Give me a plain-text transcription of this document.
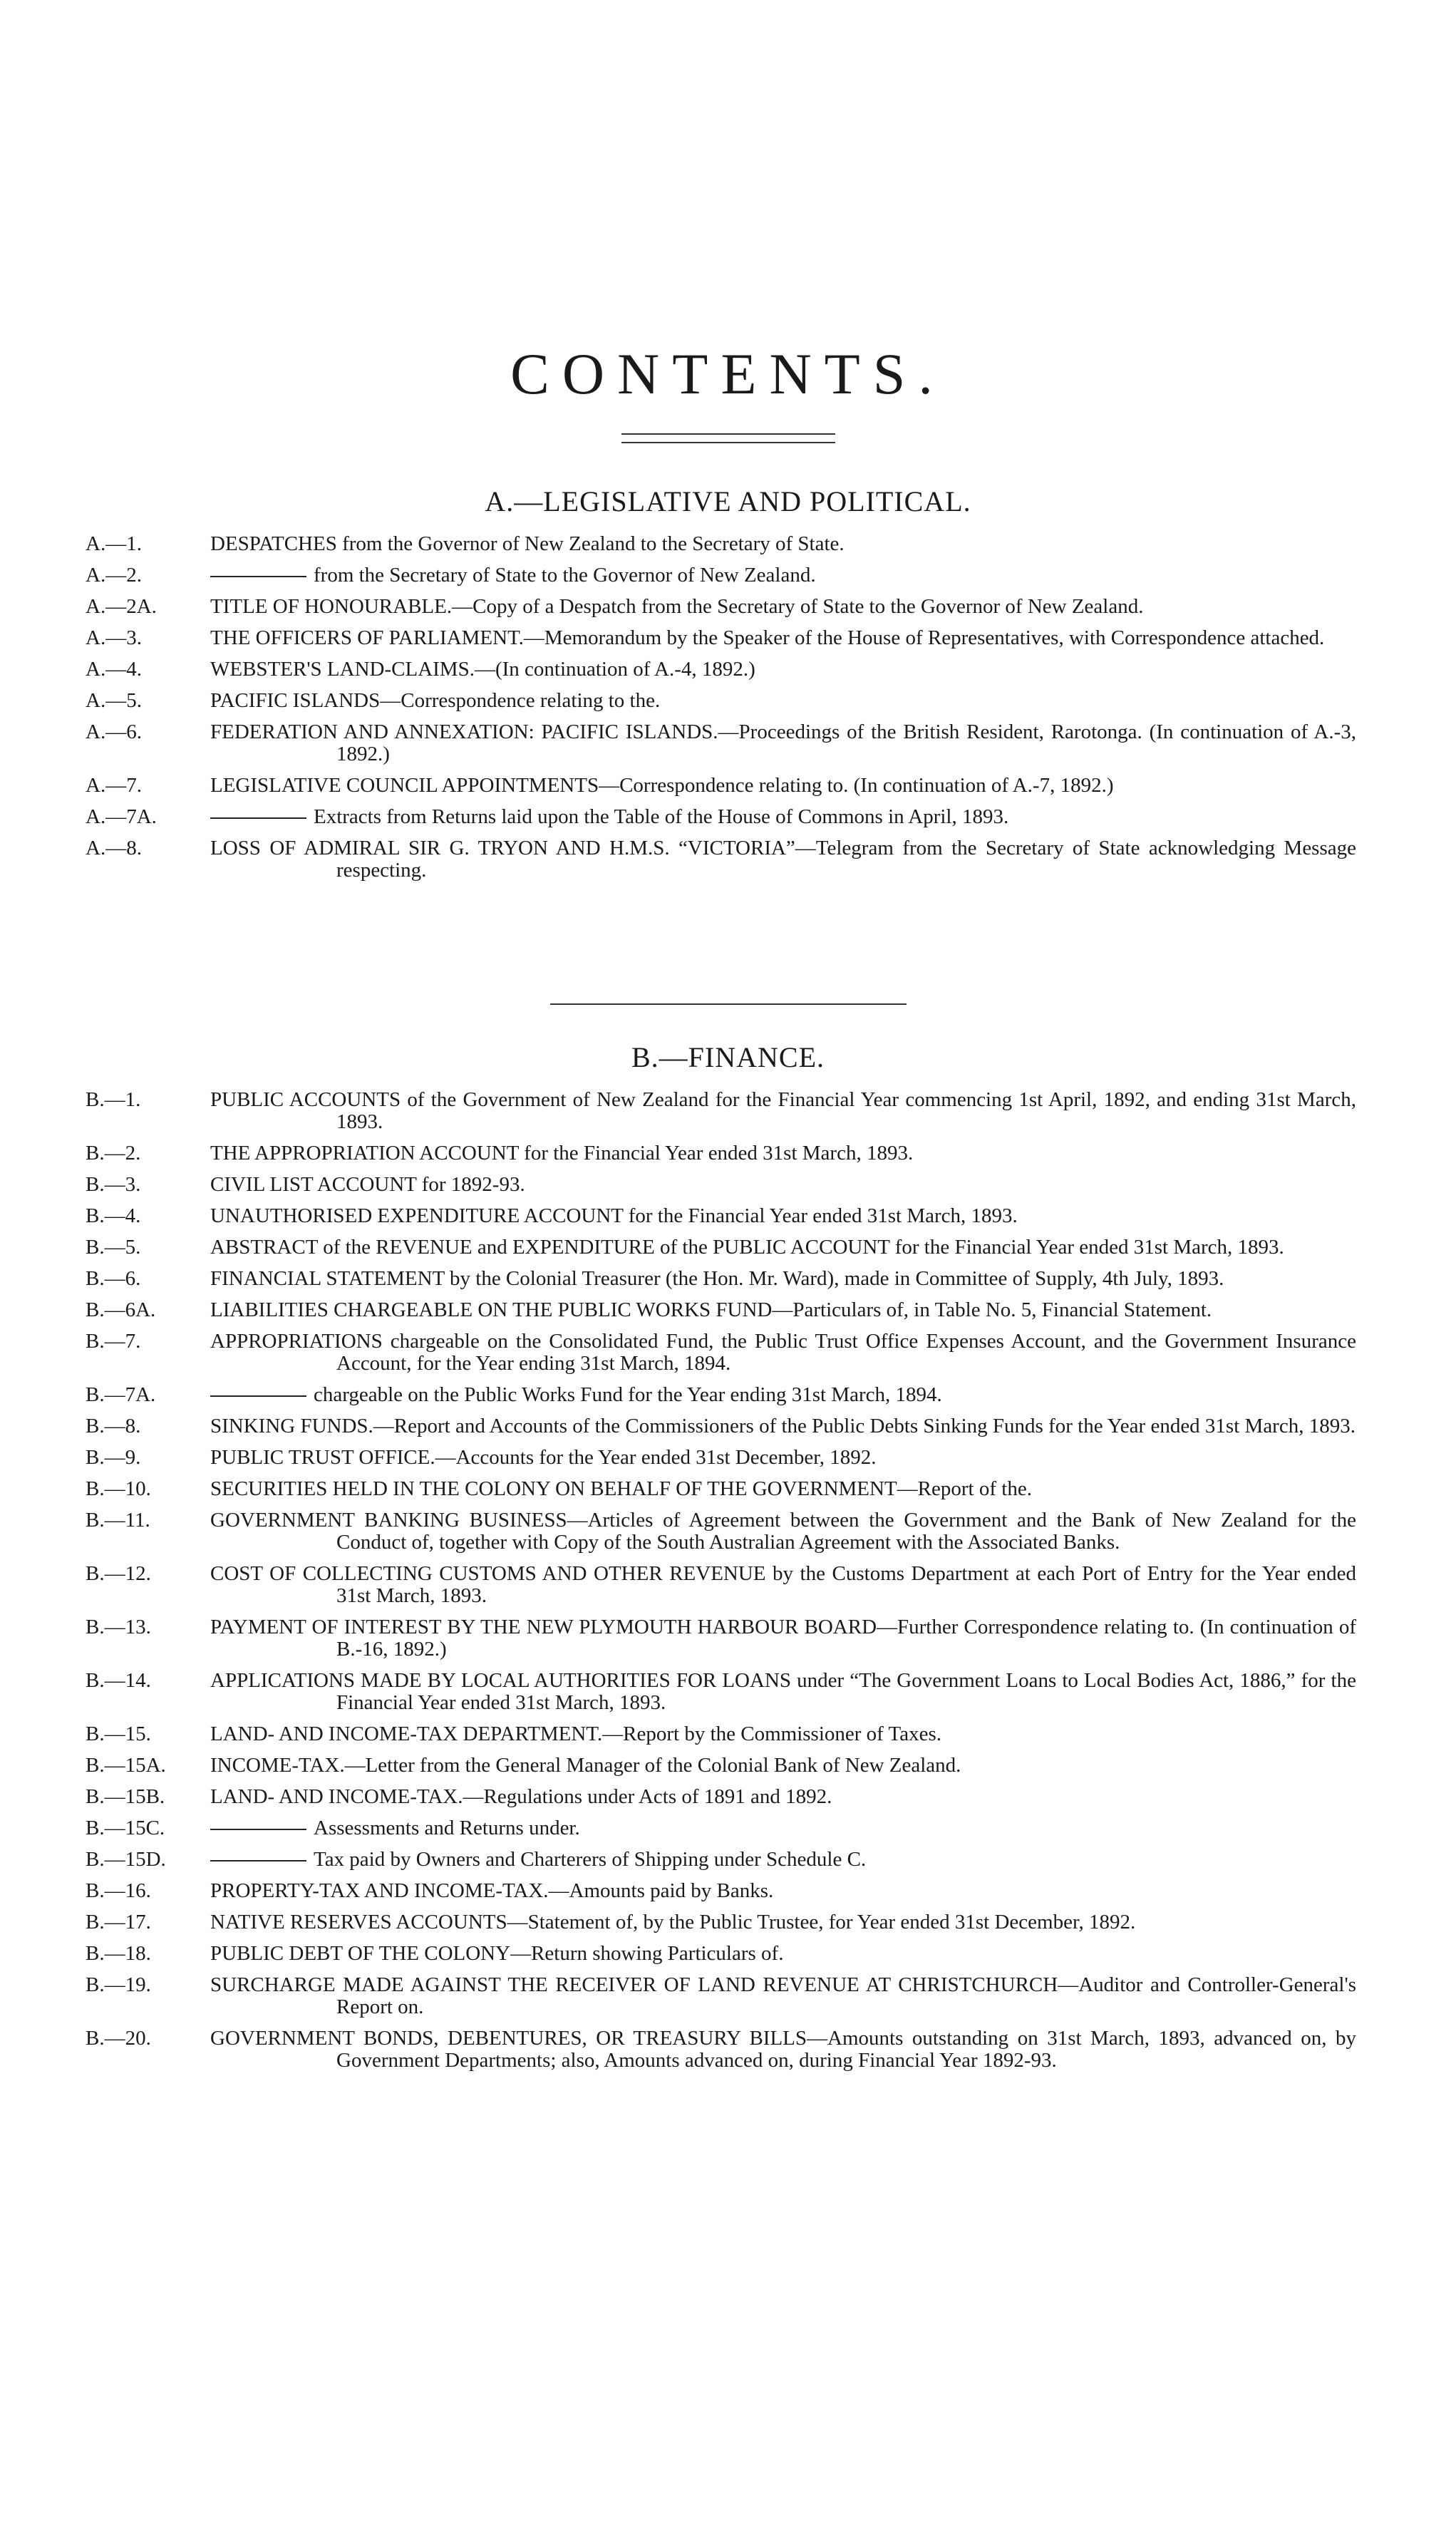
CONTENTS.
A.—LEGISLATIVE AND POLITICAL.
A.—1.	DESPATCHES from the Governor of New Zealand to the Secretary of State.
A.—2.	from the Secretary of State to the Governor of New Zealand.
A.—2A.	TITLE OF HONOURABLE.—Copy of a Despatch from the Secretary of State to the Governor of New Zealand.
A.—3.	THE OFFICERS OF PARLIAMENT.—Memorandum by the Speaker of the House of Representatives, with Correspondence attached.
A.—4.	WEBSTER'S LAND-CLAIMS.—(In continuation of A.-4, 1892.)
A.—5.	PACIFIC ISLANDS—Correspondence relating to the.
A.—6.	FEDERATION AND ANNEXATION: PACIFIC ISLANDS.—Proceedings of the British Resident, Rarotonga. (In continuation of A.-3, 1892.)
A.—7.	LEGISLATIVE COUNCIL APPOINTMENTS—Correspondence relating to. (In continuation of A.-7, 1892.)
A.—7A.	Extracts from Returns laid upon the Table of the House of Commons in April, 1893.
A.—8.	LOSS OF ADMIRAL SIR G. TRYON AND H.M.S. “VICTORIA”—Telegram from the Secretary of State acknowledging Message respecting.
B.—FINANCE.
B.—1.	PUBLIC ACCOUNTS of the Government of New Zealand for the Financial Year commencing 1st April, 1892, and ending 31st March, 1893.
B.—2.	THE APPROPRIATION ACCOUNT for the Financial Year ended 31st March, 1893.
B.—3.	CIVIL LIST ACCOUNT for 1892-93.
B.—4.	UNAUTHORISED EXPENDITURE ACCOUNT for the Financial Year ended 31st March, 1893.
B.—5.	ABSTRACT of the REVENUE and EXPENDITURE of the PUBLIC ACCOUNT for the Financial Year ended 31st March, 1893.
B.—6.	FINANCIAL STATEMENT by the Colonial Treasurer (the Hon. Mr. Ward), made in Committee of Supply, 4th July, 1893.
B.—6A.	LIABILITIES CHARGEABLE ON THE PUBLIC WORKS FUND—Particulars of, in Table No. 5, Financial Statement.
B.—7.	APPROPRIATIONS chargeable on the Consolidated Fund, the Public Trust Office Expenses Account, and the Government Insurance Account, for the Year ending 31st March, 1894.
B.—7A.	chargeable on the Public Works Fund for the Year ending 31st March, 1894.
B.—8.	SINKING FUNDS.—Report and Accounts of the Commissioners of the Public Debts Sinking Funds for the Year ended 31st March, 1893.
B.—9.	PUBLIC TRUST OFFICE.—Accounts for the Year ended 31st December, 1892.
B.—10.	SECURITIES HELD IN THE COLONY ON BEHALF OF THE GOVERNMENT—Report of the.
B.—11.	GOVERNMENT BANKING BUSINESS—Articles of Agreement between the Government and the Bank of New Zealand for the Conduct of, together with Copy of the South Australian Agreement with the Associated Banks.
B.—12.	COST OF COLLECTING CUSTOMS AND OTHER REVENUE by the Customs Department at each Port of Entry for the Year ended 31st March, 1893.
B.—13.	PAYMENT OF INTEREST BY THE NEW PLYMOUTH HARBOUR BOARD—Further Correspondence relating to. (In continuation of B.-16, 1892.)
B.—14.	APPLICATIONS MADE BY LOCAL AUTHORITIES FOR LOANS under “The Government Loans to Local Bodies Act, 1886,” for the Financial Year ended 31st March, 1893.
B.—15.	LAND- AND INCOME-TAX DEPARTMENT.—Report by the Commissioner of Taxes.
B.—15A. INCOME-TAX.—Letter from the General Manager of the Colonial Bank of New Zealand.
B.—15B. LAND- AND INCOME-TAX.—Regulations under Acts of 1891 and 1892.
B.—15C.	Assessments and Returns under.
B.—15D.	Tax paid by Owners and Charterers of Shipping under Schedule C.
B.—16.	PROPERTY-TAX AND INCOME-TAX.—Amounts paid by Banks.
B.—17.	NATIVE RESERVES ACCOUNTS—Statement of, by the Public Trustee, for Year ended 31st December, 1892.
B.—18.	PUBLIC DEBT OF THE COLONY—Return showing Particulars of.
B.—19.	SURCHARGE MADE AGAINST THE RECEIVER OF LAND REVENUE AT CHRISTCHURCH—Auditor and Controller-General's Report on.
B.—20.	GOVERNMENT BONDS, DEBENTURES, OR TREASURY BILLS—Amounts outstanding on 31st March, 1893, advanced on, by Government Departments; also, Amounts advanced on, during Financial Year 1892-93.
